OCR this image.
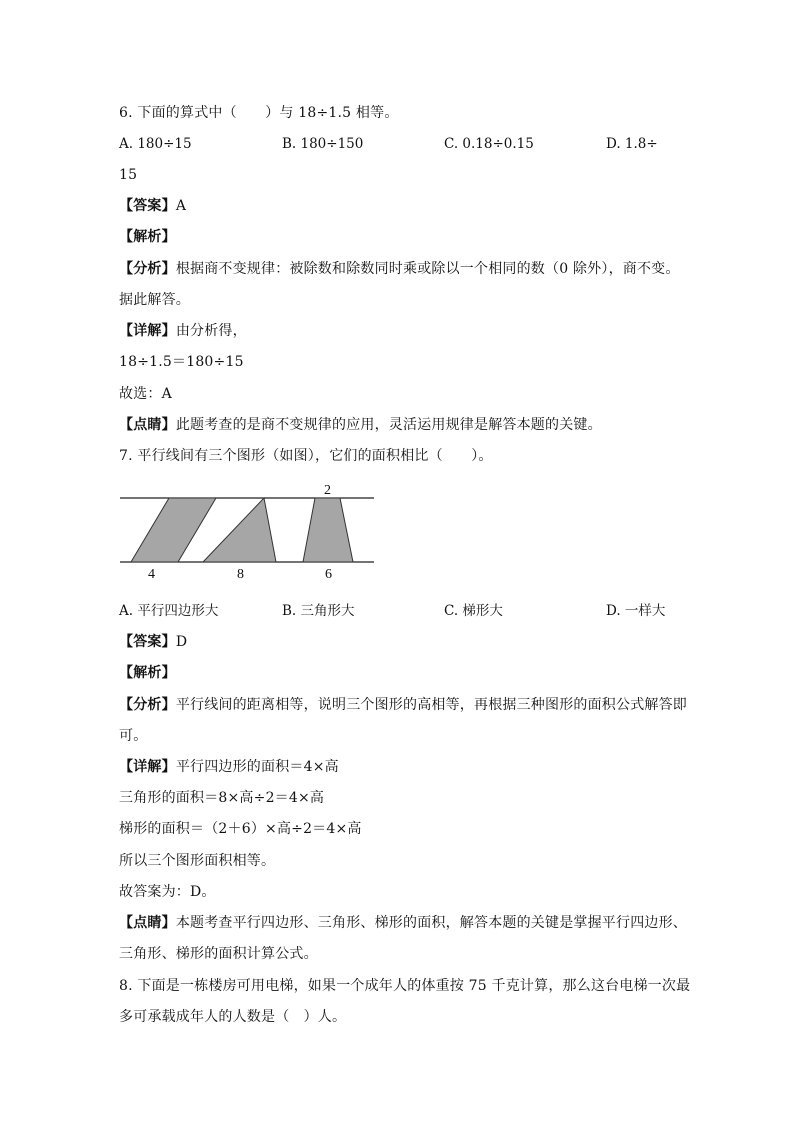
6. 下面的算式中（　　）与 18÷1.5 相等。
A. 180÷15	B. 180÷150	C. 0.18÷0.15	D. 1.8÷
15
【答案】A
【解析】
【分析】根据商不变规律：被除数和除数同时乘或除以一个相同的数（0 除外），商不变。
据此解答。
【详解】由分析得，
18÷1.5＝180÷15
故选：A
【点睛】此题考查的是商不变规律的应用，灵活运用规律是解答本题的关键。
7. 平行线间有三个图形（如图），它们的面积相比（　　）。
2
4	8	6
A. 平行四边形大	B. 三角形大	C. 梯形大	D. 一样大
【答案】D
【解析】
【分析】平行线间的距离相等，说明三个图形的高相等，再根据三种图形的面积公式解答即
可。
【详解】平行四边形的面积＝4×高
三角形的面积＝8×高÷2＝4×高
梯形的面积＝（2＋6）×高÷2＝4×高
所以三个图形面积相等。
故答案为：D。
【点睛】本题考查平行四边形、三角形、梯形的面积，解答本题的关键是掌握平行四边形、
三角形、梯形的面积计算公式。
8. 下面是一栋楼房可用电梯，如果一个成年人的体重按 75 千克计算，那么这台电梯一次最
多可承载成年人的人数是（　）人。
